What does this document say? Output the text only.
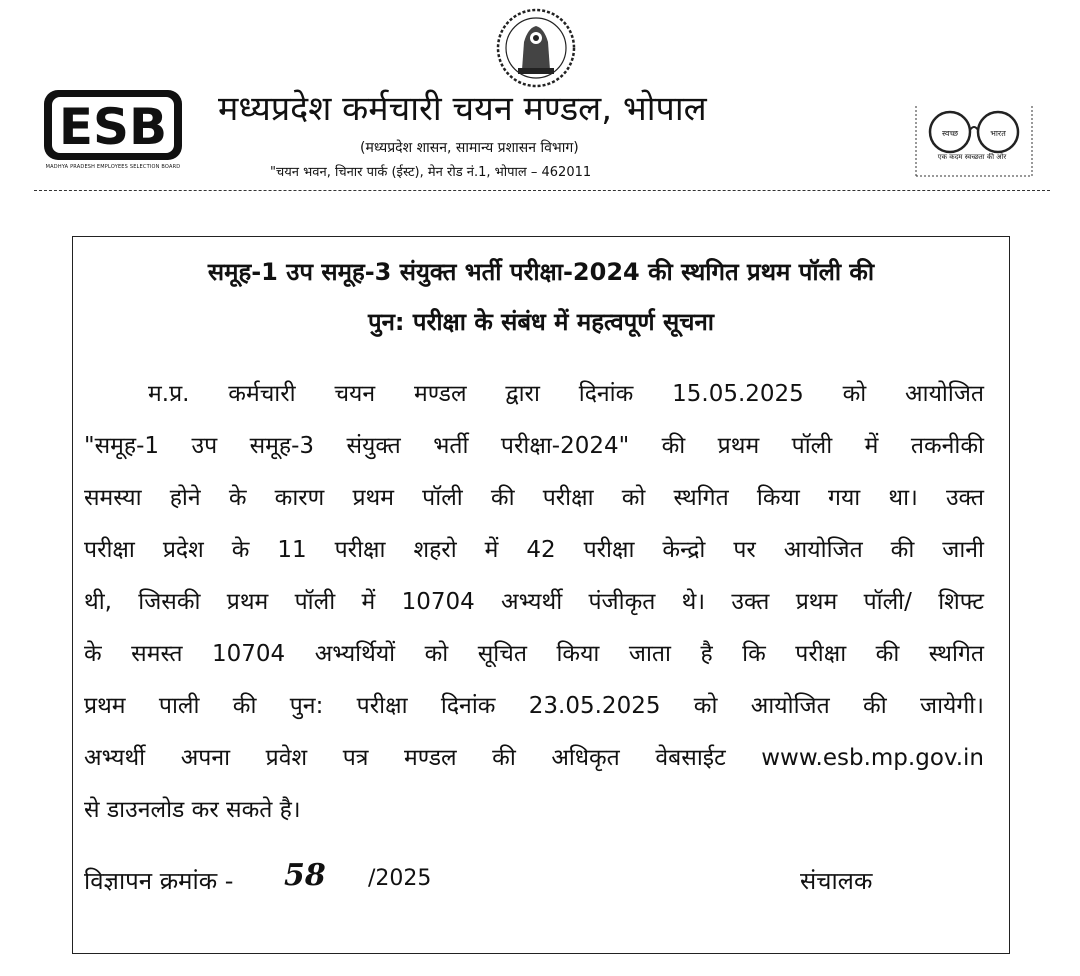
ESB
MADHYA PRADESH EMPLOYEES SELECTION BOARD
मध्यप्रदेश कर्मचारी चयन मण्डल, भोपाल
(मध्यप्रदेश शासन, सामान्य प्रशासन विभाग)
"चयन भवन, चिनार पार्क (ईस्ट), मेन रोड नं.1, भोपाल – 462011
स्वच्छ	भारत
एक कदम स्वच्छता की ओर
समूह-1 उप समूह-3 संयुक्त भर्ती परीक्षा-2024 की स्थगित प्रथम पॉली की
पुन: परीक्षा के संबंध में महत्वपूर्ण सूचना
म.प्र. कर्मचारी चयन मण्डल द्वारा दिनांक 15.05.2025 को आयोजित
"समूह-1 उप समूह-3 संयुक्त भर्ती परीक्षा-2024" की प्रथम पॉली में तकनीकी
समस्या होने के कारण प्रथम पॉली की परीक्षा को स्थगित किया गया था। उक्त
परीक्षा प्रदेश के 11 परीक्षा शहरो में 42 परीक्षा केन्द्रो पर आयोजित की जानी
थी, जिसकी प्रथम पॉली में 10704 अभ्यर्थी पंजीकृत थे। उक्त प्रथम पॉली/ शिफ्ट
के समस्त 10704 अभ्यर्थियों को सूचित किया जाता है कि परीक्षा की स्थगित
प्रथम पाली की पुन: परीक्षा दिनांक 23.05.2025 को आयोजित की जायेगी।
अभ्यर्थी अपना प्रवेश पत्र मण्डल की अधिकृत वेबसाईट www.esb.mp.gov.in
से डाउनलोड कर सकते है।
विज्ञापन क्रमांक - 58 /2025	संचालक
